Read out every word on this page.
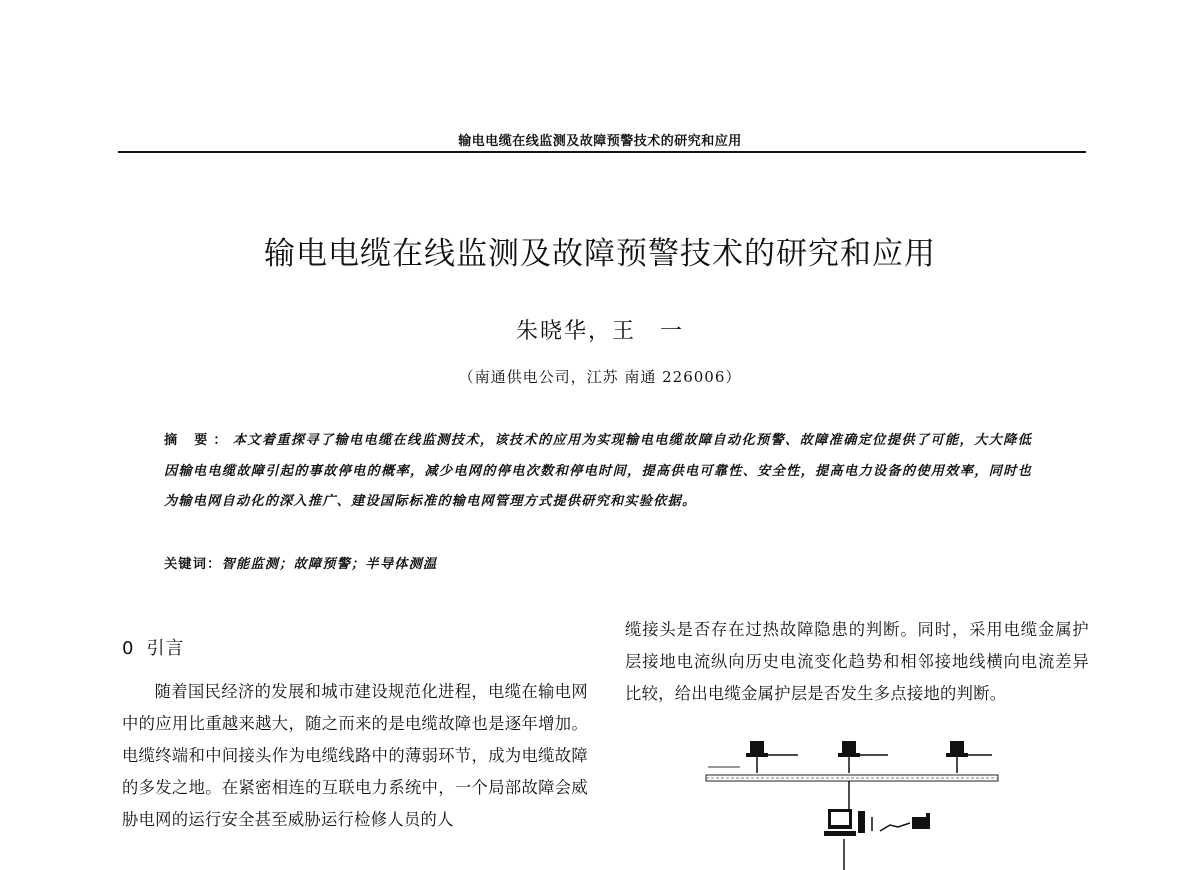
输电电缆在线监测及故障预警技术的研究和应用
输电电缆在线监测及故障预警技术的研究和应用
朱晓华，王　一
（南通供电公司，江苏 南通 226006）
摘 要：本文着重探寻了输电电缆在线监测技术，该技术的应用为实现输电电缆故障自动化预警、故障准确定位提供了可能，大大降低因输电电缆故障引起的事故停电的概率，减少电网的停电次数和停电时间，提高供电可靠性、安全性，提高电力设备的使用效率，同时也为输电网自动化的深入推广、建设国际标准的输电网管理方式提供研究和实验依据。
关键词：智能监测；故障预警；半导体测温
0 引言
随着国民经济的发展和城市建设规范化进程，电缆在输电网中的应用比重越来越大，随之而来的是电缆故障也是逐年增加。电缆终端和中间接头作为电缆线路中的薄弱环节，成为电缆故障的多发之地。在紧密相连的互联电力系统中，一个局部故障会威胁电网的运行安全甚至威胁运行检修人员的人
缆接头是否存在过热故障隐患的判断。同时，采用电缆金属护层接地电流纵向历史电流变化趋势和相邻接地线横向电流差异比较，给出电缆金属护层是否发生多点接地的判断。
